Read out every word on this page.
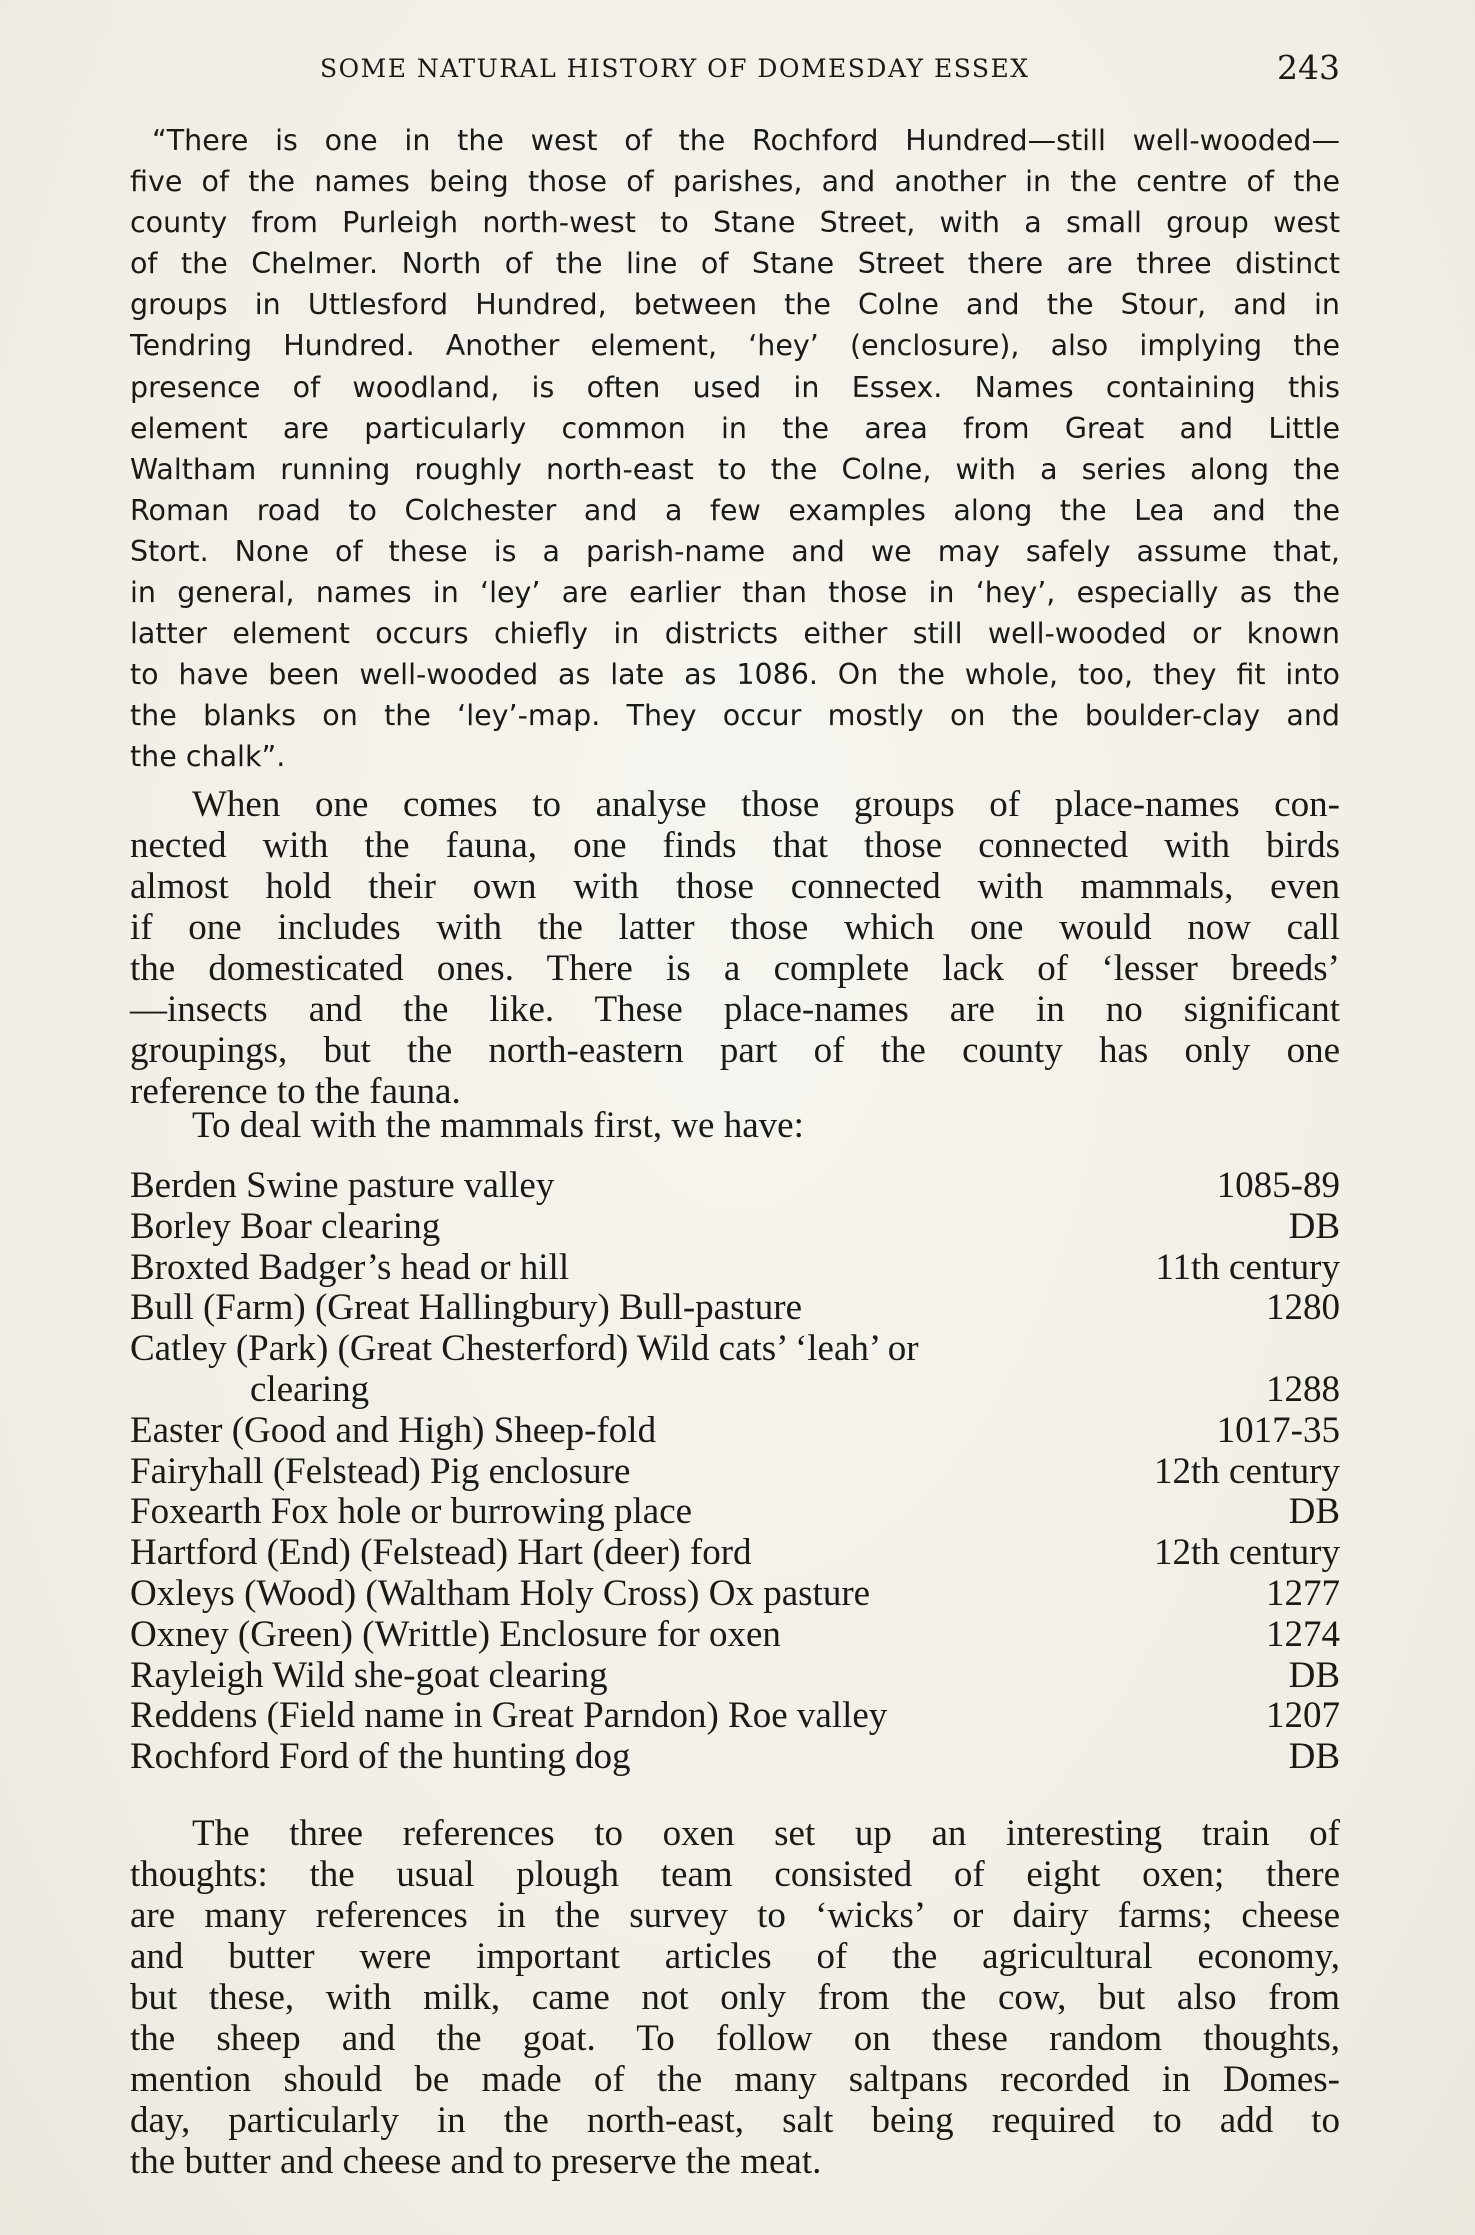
SOME NATURAL HISTORY OF DOMESDAY ESSEX	243
“There is one in the west of the Rochford Hundred—still well-wooded—
five of the names being those of parishes, and another in the centre of the
county from Purleigh north-west to Stane Street, with a small group west
of the Chelmer. North of the line of Stane Street there are three distinct
groups in Uttlesford Hundred, between the Colne and the Stour, and in
Tendring Hundred. Another element, ‘hey’ (enclosure), also implying the
presence of woodland, is often used in Essex. Names containing this
element are particularly common in the area from Great and Little
Waltham running roughly north-east to the Colne, with a series along the
Roman road to Colchester and a few examples along the Lea and the
Stort. None of these is a parish-name and we may safely assume that,
in general, names in ‘ley’ are earlier than those in ‘hey’, especially as the
latter element occurs chiefly in districts either still well-wooded or known
to have been well-wooded as late as 1086. On the whole, too, they fit into
the blanks on the ‘ley’-map. They occur mostly on the boulder-clay and
the chalk”.
When one comes to analyse those groups of place-names con-
nected with the fauna, one finds that those connected with birds
almost hold their own with those connected with mammals, even
if one includes with the latter those which one would now call
the domesticated ones. There is a complete lack of ‘lesser breeds’
—insects and the like. These place-names are in no significant
groupings, but the north-eastern part of the county has only one
reference to the fauna.
To deal with the mammals first, we have:
Berden Swine pasture valley	1085-89
Borley Boar clearing	DB
Broxted Badger’s head or hill	11th century
Bull (Farm) (Great Hallingbury) Bull-pasture	1280
Catley (Park) (Great Chesterford) Wild cats’ ‘leah’ or
clearing	1288
Easter (Good and High) Sheep-fold	1017-35
Fairyhall (Felstead) Pig enclosure	12th century
Foxearth Fox hole or burrowing place	DB
Hartford (End) (Felstead) Hart (deer) ford	12th century
Oxleys (Wood) (Waltham Holy Cross) Ox pasture	1277
Oxney (Green) (Writtle) Enclosure for oxen	1274
Rayleigh Wild she-goat clearing	DB
Reddens (Field name in Great Parndon) Roe valley	1207
Rochford Ford of the hunting dog	DB
The three references to oxen set up an interesting train of
thoughts: the usual plough team consisted of eight oxen; there
are many references in the survey to ‘wicks’ or dairy farms; cheese
and butter were important articles of the agricultural economy,
but these, with milk, came not only from the cow, but also from
the sheep and the goat. To follow on these random thoughts,
mention should be made of the many saltpans recorded in Domes-
day, particularly in the north-east, salt being required to add to
the butter and cheese and to preserve the meat.
